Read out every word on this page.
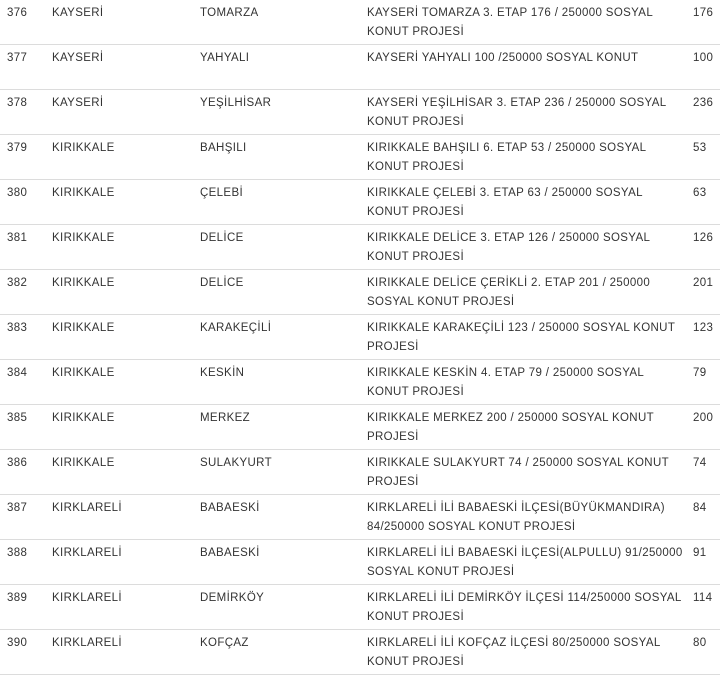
376	KAYSERİ	TOMARZA	KAYSERİ TOMARZA 3. ETAP 176 / 250000 SOSYAL KONUT PROJESİ	176
377	KAYSERİ	YAHYALI	KAYSERİ YAHYALI 100 /250000 SOSYAL KONUT	100
378	KAYSERİ	YEŞİLHİSAR	KAYSERİ YEŞİLHİSAR 3. ETAP 236 / 250000 SOSYAL KONUT PROJESİ	236
379	KIRIKKALE	BAHŞILI	KIRIKKALE BAHŞILI 6. ETAP 53 / 250000 SOSYAL KONUT PROJESİ	53
380	KIRIKKALE	ÇELEBİ	KIRIKKALE ÇELEBİ 3. ETAP 63 / 250000 SOSYAL KONUT PROJESİ	63
381	KIRIKKALE	DELİCE	KIRIKKALE DELİCE 3. ETAP 126 / 250000 SOSYAL KONUT PROJESİ	126
382	KIRIKKALE	DELİCE	KIRIKKALE DELİCE ÇERİKLİ 2. ETAP 201 / 250000 SOSYAL KONUT PROJESİ	201
383	KIRIKKALE	KARAKEÇİLİ	KIRIKKALE KARAKEÇİLİ 123 / 250000 SOSYAL KONUT PROJESİ	123
384	KIRIKKALE	KESKİN	KIRIKKALE KESKİN 4. ETAP 79 / 250000 SOSYAL KONUT PROJESİ	79
385	KIRIKKALE	MERKEZ	KIRIKKALE MERKEZ 200 / 250000 SOSYAL KONUT PROJESİ	200
386	KIRIKKALE	SULAKYURT	KIRIKKALE SULAKYURT 74 / 250000 SOSYAL KONUT PROJESİ	74
387	KIRKLARELİ	BABAESKİ	KIRKLARELİ İLİ BABAESKİ İLÇESİ(BÜYÜKMANDIRA) 84/250000 SOSYAL KONUT PROJESİ	84
388	KIRKLARELİ	BABAESKİ	KIRKLARELİ İLİ BABAESKİ İLÇESİ(ALPULLU) 91/250000 SOSYAL KONUT PROJESİ	91
389	KIRKLARELİ	DEMİRKÖY	KIRKLARELİ İLİ DEMİRKÖY İLÇESİ 114/250000 SOSYAL KONUT PROJESİ	114
390	KIRKLARELİ	KOFÇAZ	KIRKLARELİ İLİ KOFÇAZ İLÇESİ 80/250000 SOSYAL KONUT PROJESİ	80
